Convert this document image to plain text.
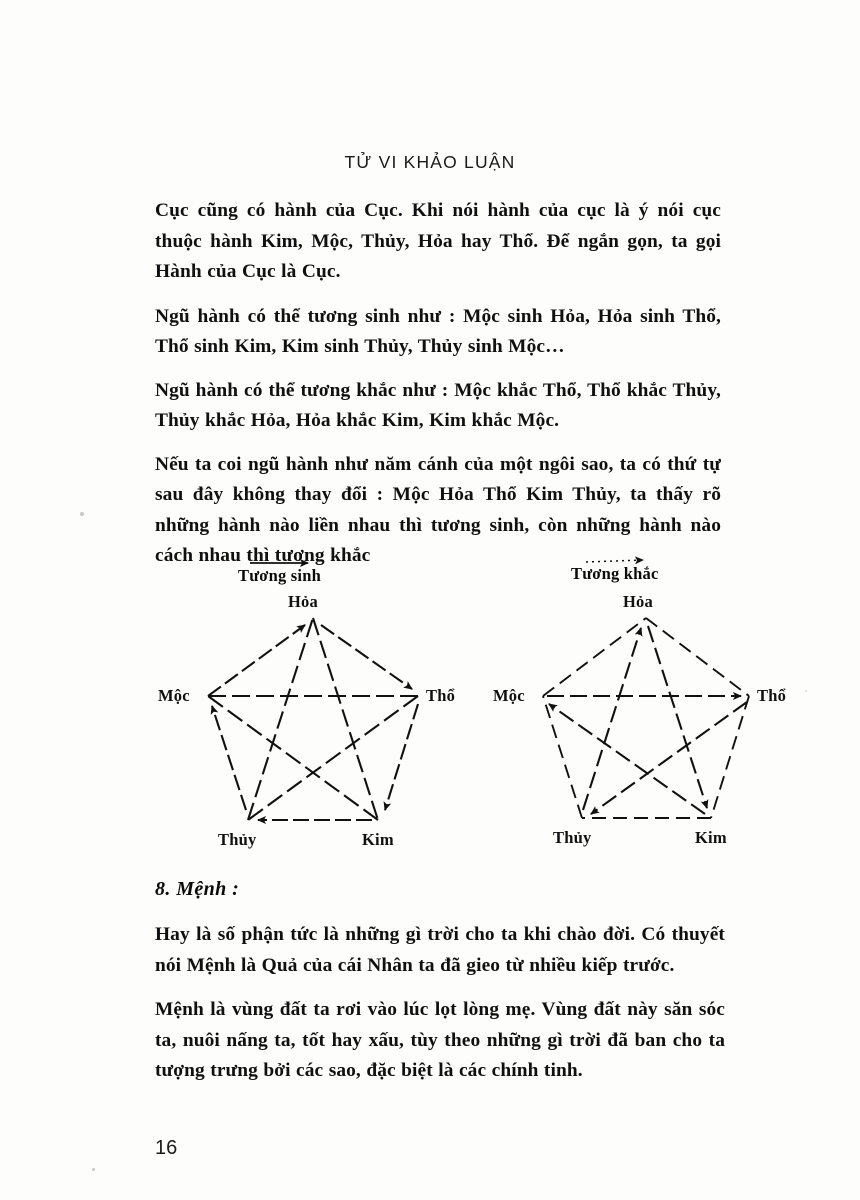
TỬ VI KHẢO LUẬN

Cục cũng có hành của Cục. Khi nói hành của cục là ý nói cục thuộc hành Kim, Mộc, Thủy, Hỏa hay Thổ. Để ngắn gọn, ta gọi Hành của Cục là Cục.

Ngũ hành có thể tương sinh như : Mộc sinh Hỏa, Hỏa sinh Thổ, Thổ sinh Kim, Kim sinh Thủy, Thủy sinh Mộc…

Ngũ hành có thể tương khắc như : Mộc khắc Thổ, Thổ khắc Thủy, Thủy khắc Hỏa, Hỏa khắc Kim, Kim khắc Mộc.

Nếu ta coi ngũ hành như năm cánh của một ngôi sao, ta có thứ tự sau đây không thay đổi : Mộc Hỏa Thổ Kim Thủy, ta thấy rõ những hành nào liền nhau thì tương sinh, còn những hành nào cách nhau thì tương khắc

Tương sinh
Hỏa
Mộc	Thổ
Thủy	Kim
Tương khắc
Hỏa
Mộc	Thổ
Thủy	Kim
8. Mệnh :

Hay là số phận tức là những gì trời cho ta khi chào đời. Có thuyết nói Mệnh là Quả của cái Nhân ta đã gieo từ nhiều kiếp trước.

Mệnh là vùng đất ta rơi vào lúc lọt lòng mẹ. Vùng đất này săn sóc ta, nuôi nấng ta, tốt hay xấu, tùy theo những gì trời đã ban cho ta tượng trưng bởi các sao, đặc biệt là các chính tinh.

16
